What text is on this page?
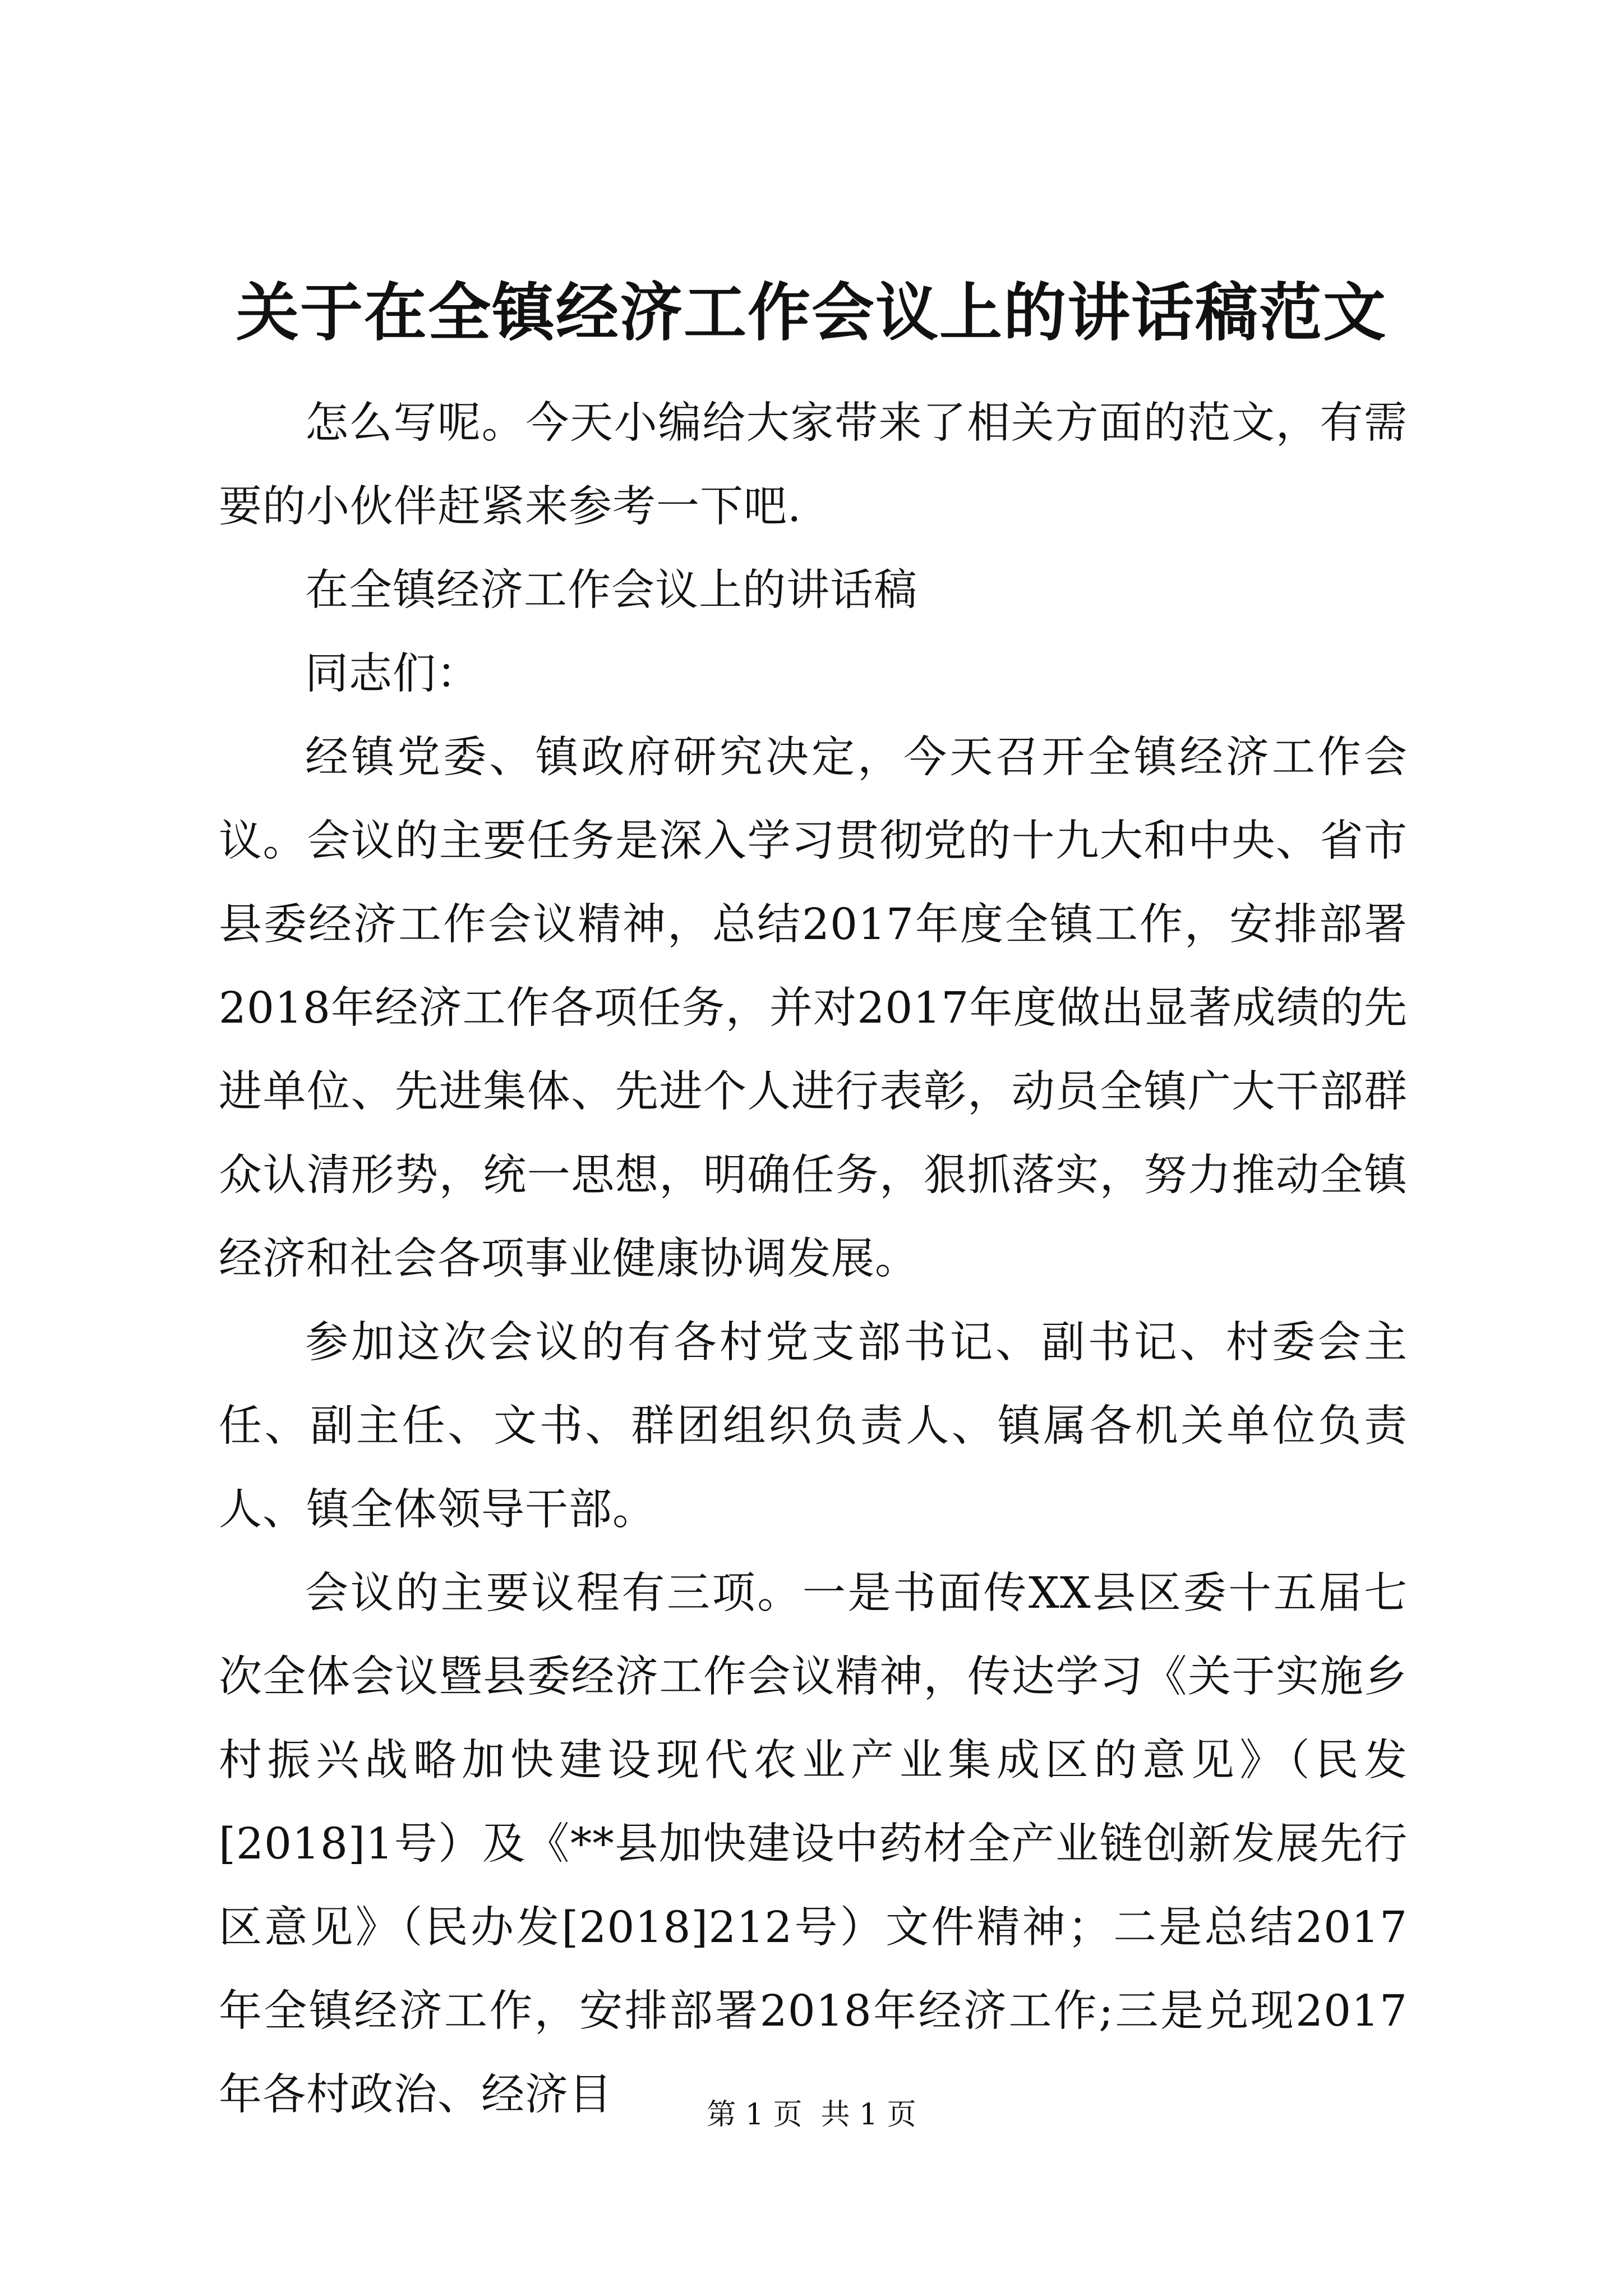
关于在全镇经济工作会议上的讲话稿范文

怎么写呢。今天小编给大家带来了相关方面的范文，有需要的小伙伴赶紧来参考一下吧.

在全镇经济工作会议上的讲话稿

同志们：

经镇党委、镇政府研究决定，今天召开全镇经济工作会议。会议的主要任务是深入学习贯彻党的十九大和中央、省市县委经济工作会议精神，总结2017年度全镇工作，安排部署2018年经济工作各项任务，并对2017年度做出显著成绩的先进单位、先进集体、先进个人进行表彰，动员全镇广大干部群众认清形势，统一思想，明确任务，狠抓落实，努力推动全镇经济和社会各项事业健康协调发展。

参加这次会议的有各村党支部书记、副书记、村委会主任、副主任、文书、群团组织负责人、镇属各机关单位负责人、镇全体领导干部。

会议的主要议程有三项。一是书面传XX县区委十五届七次全体会议暨县委经济工作会议精神，传达学习《关于实施乡村振兴战略加快建设现代农业产业集成区的意见》（民发[2018]1号）及《**县加快建设中药材全产业链创新发展先行区意见》（民办发[2018]212号）文件精神；二是总结2017年全镇经济工作，安排部署2018年经济工作;三是兑现2017年各村政治、经济目	第 1 页  共 1 页
